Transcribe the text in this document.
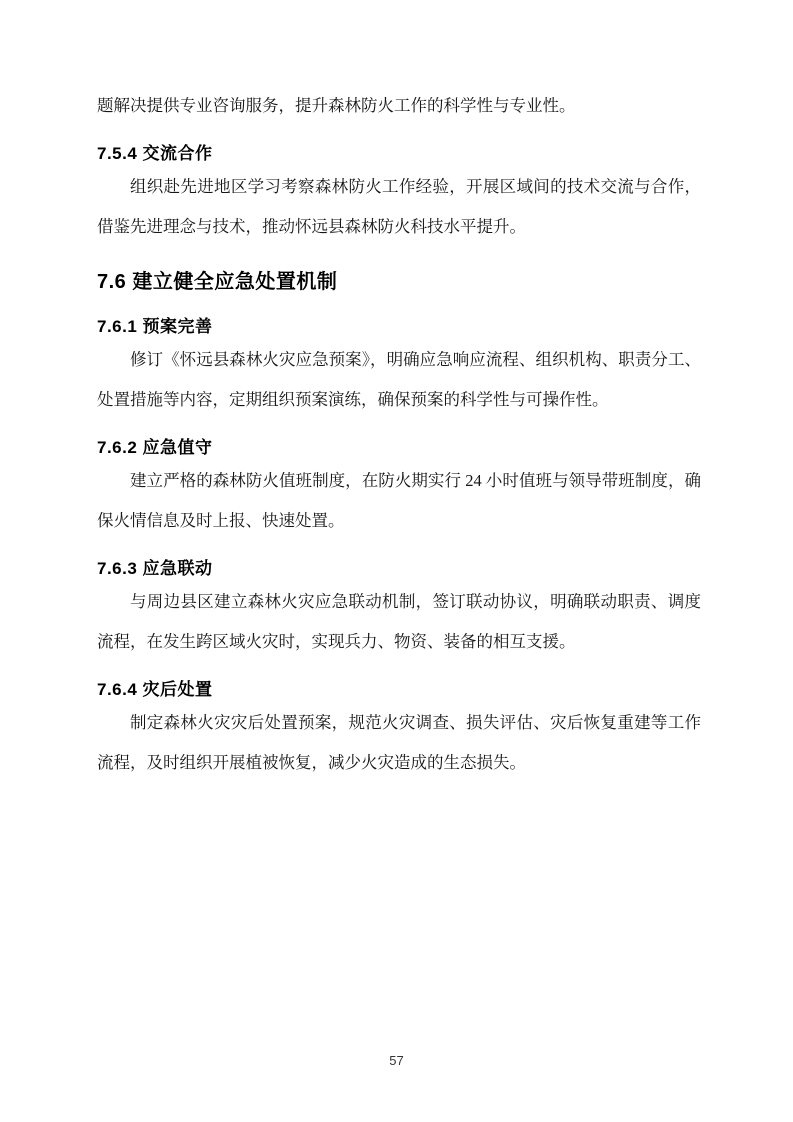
题解决提供专业咨询服务，提升森林防火工作的科学性与专业性。

7.5.4 交流合作

组织赴先进地区学习考察森林防火工作经验，开展区域间的技术交流与合作，借鉴先进理念与技术，推动怀远县森林防火科技水平提升。

7.6 建立健全应急处置机制
7.6.1 预案完善

修订《怀远县森林火灾应急预案》，明确应急响应流程、组织机构、职责分工、处置措施等内容，定期组织预案演练，确保预案的科学性与可操作性。

7.6.2 应急值守

建立严格的森林防火值班制度，在防火期实行 24 小时值班与领导带班制度，确保火情信息及时上报、快速处置。

7.6.3 应急联动

与周边县区建立森林火灾应急联动机制，签订联动协议，明确联动职责、调度流程，在发生跨区域火灾时，实现兵力、物资、装备的相互支援。

7.6.4 灾后处置

制定森林火灾灾后处置预案，规范火灾调查、损失评估、灾后恢复重建等工作流程，及时组织开展植被恢复，减少火灾造成的生态损失。

57
